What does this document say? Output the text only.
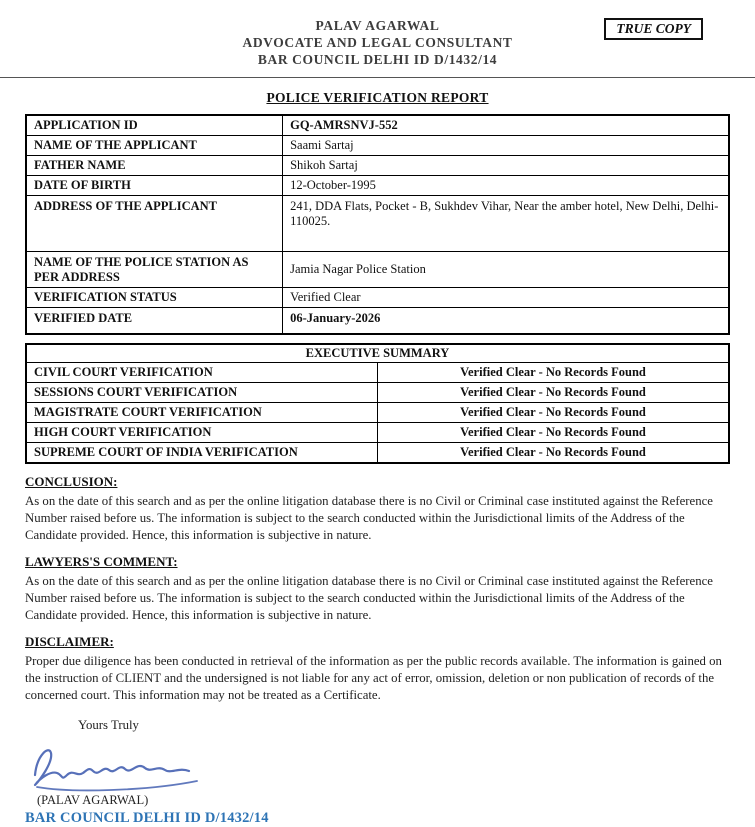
TRUE COPY
PALAV AGARWAL
ADVOCATE AND LEGAL CONSULTANT
BAR COUNCIL DELHI ID D/1432/14
POLICE VERIFICATION REPORT
APPLICATION ID	GQ-AMRSNVJ-552
NAME OF THE APPLICANT	Saami Sartaj
FATHER NAME	Shikoh Sartaj
DATE OF BIRTH	12-October-1995
ADDRESS OF THE APPLICANT	241, DDA Flats, Pocket - B, Sukhdev Vihar, Near the amber hotel, New Delhi, Delhi-110025.
NAME OF THE POLICE STATION AS PER ADDRESS	Jamia Nagar Police Station
VERIFICATION STATUS	Verified Clear
VERIFIED DATE	06-January-2026
EXECUTIVE SUMMARY	
CIVIL COURT VERIFICATION	Verified Clear - No Records Found
SESSIONS COURT VERIFICATION	Verified Clear - No Records Found
MAGISTRATE COURT VERIFICATION	Verified Clear - No Records Found
HIGH COURT VERIFICATION	Verified Clear - No Records Found
SUPREME COURT OF INDIA VERIFICATION	Verified Clear - No Records Found
CONCLUSION:

As on the date of this search and as per the online litigation database there is no Civil or Criminal case instituted against the Reference Number raised before us. The information is subject to the search conducted within the Jurisdictional limits of the Address of the Candidate provided. Hence, this information is subjective in nature.

LAWYERS'S COMMENT:

As on the date of this search and as per the online litigation database there is no Civil or Criminal case instituted against the Reference Number raised before us. The information is subject to the search conducted within the Jurisdictional limits of the Address of the Candidate provided. Hence, this information is subjective in nature.

DISCLAIMER:

Proper due diligence has been conducted in retrieval of the information as per the public records available. The information is gained on the instruction of CLIENT and the undersigned is not liable for any act of error, omission, deletion or non publication of records of the concerned court. This information may not be treated as a Certificate.

Yours Truly
(PALAV AGARWAL)
BAR COUNCIL DELHI ID D/1432/14
